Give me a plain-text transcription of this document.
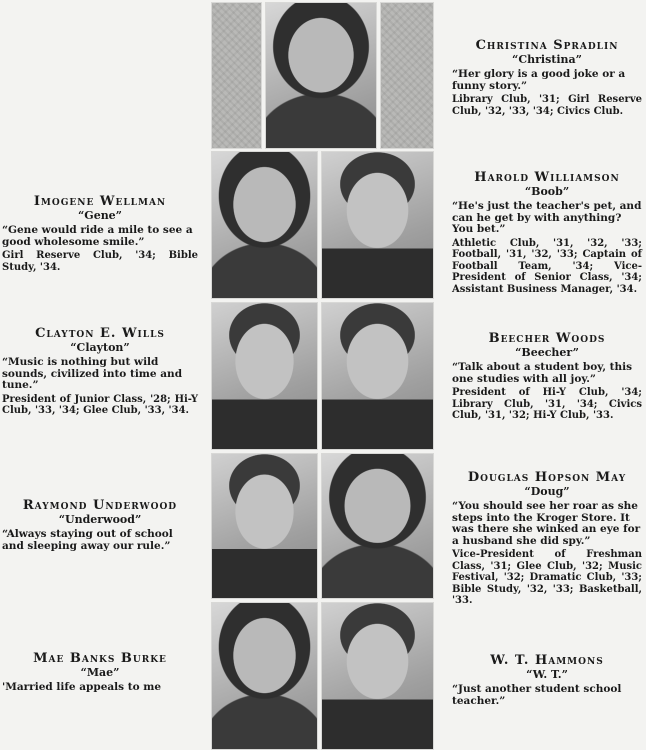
Christina Spradlin
“Christina”
“Her glory is a good joke or a funny story.”
Library Club, '31; Girl Reserve Club, '32, '33, '34; Civics Club.
Imogene Wellman
“Gene”
“Gene would ride a mile to see a good wholesome smile.”
Girl Reserve Club, '34; Bible Study, '34.
Harold Williamson
“Boob”
“He's just the teacher's pet, and can he get by with anything? You bet.”
Athletic Club, '31, '32, '33; Football, '31, '32, '33; Captain of Football Team, '34; Vice-President of Senior Class, '34; Assistant Business Manager, '34.
Clayton E. Wills
“Clayton”
“Music is nothing but wild sounds, civilized into time and tune.”
President of Junior Class, '28; Hi-Y Club, '33, '34; Glee Club, '33, '34.
Beecher Woods
“Beecher”
“Talk about a student boy, this one studies with all joy.”
President of Hi-Y Club, '34; Library Club, '31, '34; Civics Club, '31, '32; Hi-Y Club, '33.
Raymond Underwood
“Underwood”
“Always staying out of school and sleeping away our rule.”
Douglas Hopson May
“Doug”
“You should see her roar as she steps into the Kroger Store. It was there she winked an eye for a husband she did spy.”
Vice-President of Freshman Class, '31; Glee Club, '32; Music Festival, '32; Dramatic Club, '33; Bible Study, '32, '33; Basketball, '33.
Mae Banks Burke
“Mae”
'Married life appeals to me
W. T. Hammons
“W. T.”
“Just another student school teacher.”
